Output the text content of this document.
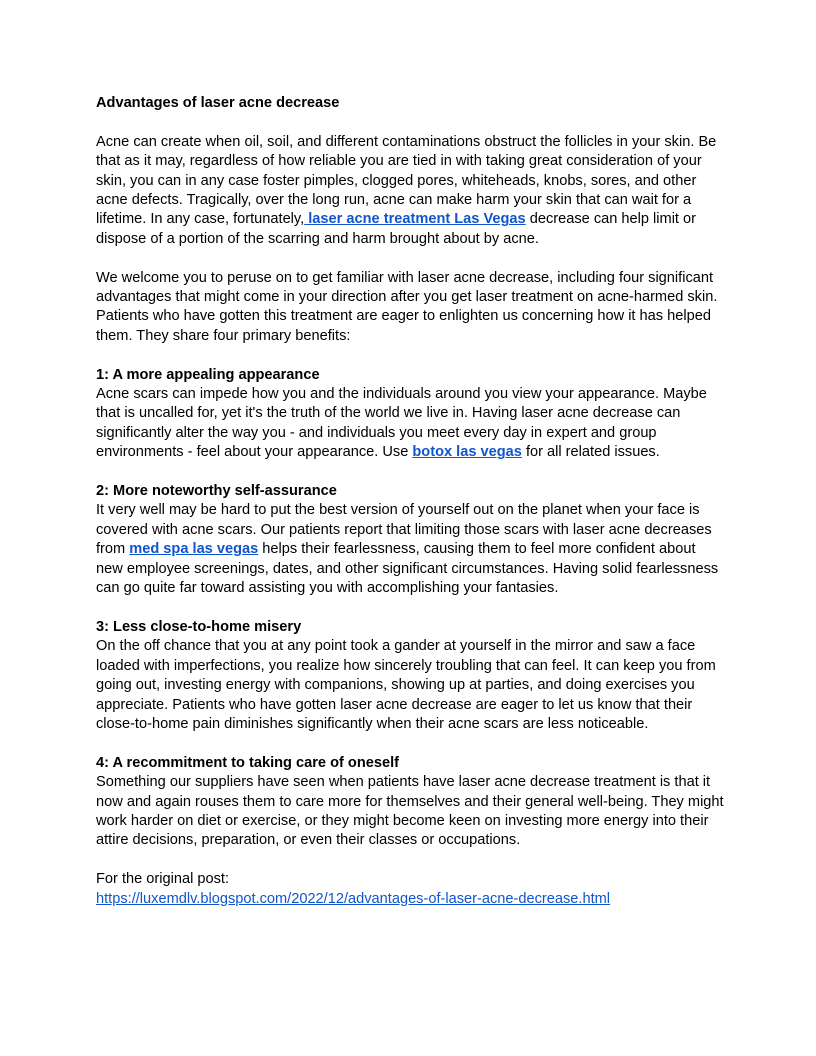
Advantages of laser acne decrease

Acne can create when oil, soil, and different contaminations obstruct the follicles in your skin. Be that as it may, regardless of how reliable you are tied in with taking great consideration of your skin, you can in any case foster pimples, clogged pores, whiteheads, knobs, sores, and other acne defects. Tragically, over the long run, acne can make harm your skin that can wait for a lifetime. In any case, fortunately, laser acne treatment Las Vegas decrease can help limit or dispose of a portion of the scarring and harm brought about by acne.

We welcome you to peruse on to get familiar with laser acne decrease, including four significant advantages that might come in your direction after you get laser treatment on acne-harmed skin. Patients who have gotten this treatment are eager to enlighten us concerning how it has helped them. They share four primary benefits:

1: A more appealing appearance

Acne scars can impede how you and the individuals around you view your appearance. Maybe that is uncalled for, yet it's the truth of the world we live in. Having laser acne decrease can significantly alter the way you - and individuals you meet every day in expert and group environments - feel about your appearance. Use botox las vegas for all related issues.

2: More noteworthy self-assurance

It very well may be hard to put the best version of yourself out on the planet when your face is covered with acne scars. Our patients report that limiting those scars with laser acne decreases from med spa las vegas helps their fearlessness, causing them to feel more confident about new employee screenings, dates, and other significant circumstances. Having solid fearlessness can go quite far toward assisting you with accomplishing your fantasies.

3: Less close-to-home misery

On the off chance that you at any point took a gander at yourself in the mirror and saw a face loaded with imperfections, you realize how sincerely troubling that can feel. It can keep you from going out, investing energy with companions, showing up at parties, and doing exercises you appreciate. Patients who have gotten laser acne decrease are eager to let us know that their close-to-home pain diminishes significantly when their acne scars are less noticeable.

4: A recommitment to taking care of oneself

Something our suppliers have seen when patients have laser acne decrease treatment is that it now and again rouses them to care more for themselves and their general well-being. They might work harder on diet or exercise, or they might become keen on investing more energy into their attire decisions, preparation, or even their classes or occupations.

For the original post:

https://luxemdlv.blogspot.com/2022/12/advantages-of-laser-acne-decrease.html
